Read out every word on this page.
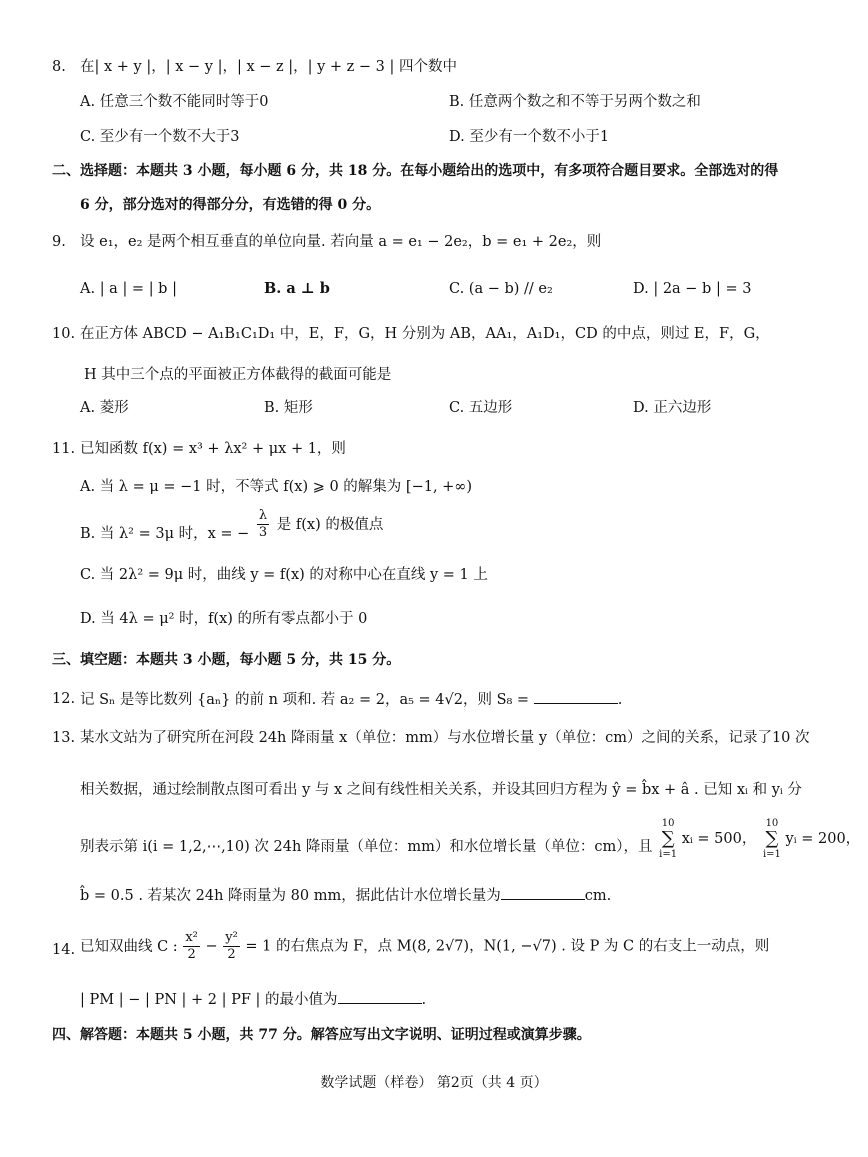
8. 在| x + y |，| x − y |，| x − z |，| y + z − 3 | 四个数中
A. 任意三个数不能同时等于0	B. 任意两个数之和不等于另两个数之和
C. 至少有一个数不大于3	D. 至少有一个数不小于1
二、选择题：本题共 3 小题，每小题 6 分，共 18 分。在每小题给出的选项中，有多项符合题目要求。全部选对的得
6 分，部分选对的得部分分，有选错的得 0 分。
9. 设 e₁，e₂ 是两个相互垂直的单位向量. 若向量 a = e₁ − 2e₂，b = e₁ + 2e₂，则
A. | a | = | b |	B. a ⊥ b	C. (a − b) // e₂	D. | 2a − b | = 3
10. 在正方体 ABCD − A₁B₁C₁D₁ 中，E，F，G，H 分别为 AB，AA₁，A₁D₁，CD 的中点，则过 E，F，G，
H 其中三个点的平面被正方体截得的截面可能是
A. 菱形	B. 矩形	C. 五边形	D. 正六边形
11. 已知函数 f(x) = x³ + λx² + μx + 1，则
A. 当 λ = μ = −1 时，不等式 f(x) ⩾ 0 的解集为 [−1, +∞)
B. 当 λ² = 3μ 时，x = − $\frac{\lambda}{3}$ 是 f(x) 的极值点
C. 当 2λ² = 9μ 时，曲线 y = f(x) 的对称中心在直线 y = 1 上
D. 当 4λ = μ² 时，f(x) 的所有零点都小于 0
三、填空题：本题共 3 小题，每小题 5 分，共 15 分。
12. 记 Sₙ 是等比数列 {aₙ} 的前 n 项和. 若 a₂ = 2，a₅ = 4√2，则 S₈ =	.
13. 某水文站为了研究所在河段 24h 降雨量 x（单位：mm）与水位增长量 y（单位：cm）之间的关系，记录了10 次
相关数据，通过绘制散点图可看出 y 与 x 之间有线性相关关系，并设其回归方程为 ŷ = b̂x + â . 已知 xᵢ 和 yᵢ 分
别表示第 i(i = 1,2,⋯,10) 次 24h 降雨量（单位：mm）和水位增长量（单位：cm），且
10
∑
i=1
xᵢ = 500，
10
∑
i=1
yᵢ = 200，
b̂ = 0.5 . 若某次 24h 降雨量为 80 mm，据此估计水位增长量为	cm.
14. 已知双曲线 C : $\frac{\text{x²}}{2} - \frac{\text{y²}}{2} = 1$ 的右焦点为 F，点 M(8, 2√7)，N(1, −√7) . 设 P 为 C 的右支上一动点，则
| PM | − | PN | + 2 | PF | 的最小值为	.
四、解答题：本题共 5 小题，共 77 分。解答应写出文字说明、证明过程或演算步骤。
数学试题（样卷） 第2页（共 4 页）
